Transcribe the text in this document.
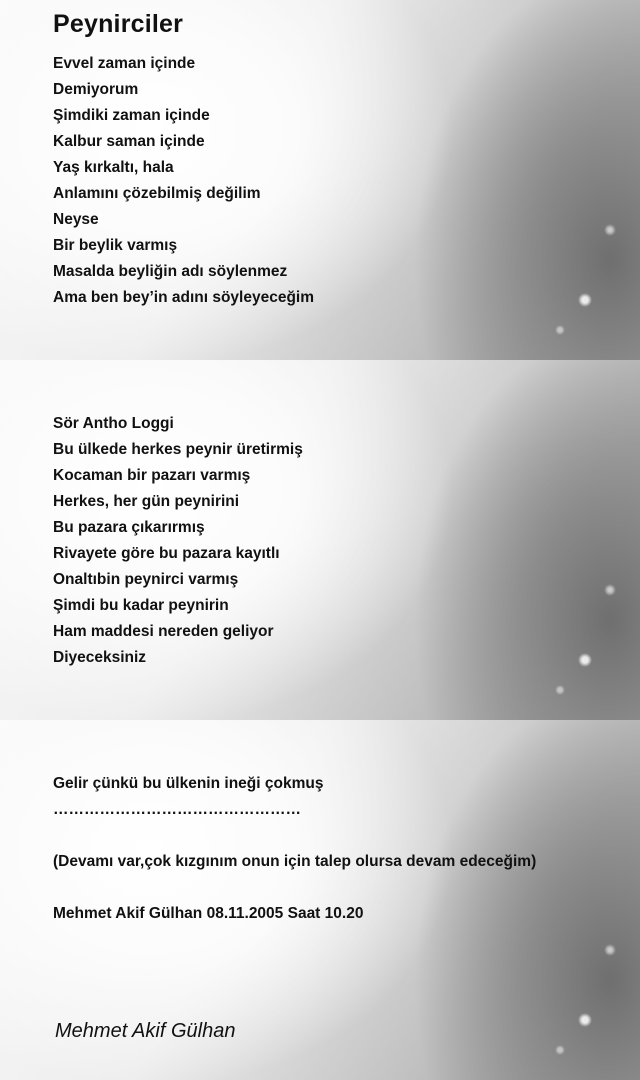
Peynirciler

Evvel zaman içinde

Demiyorum

Şimdiki zaman içinde

Kalbur saman içinde

Yaş kırkaltı, hala

Anlamını çözebilmiş değilim

Neyse

Bir beylik varmış

Masalda beyliğin adı söylenmez

Ama ben bey’in adını söyleyeceğim

Sör Antho Loggi

Bu ülkede herkes peynir üretirmiş

Kocaman bir pazarı varmış

Herkes, her gün peynirini

Bu pazara çıkarırmış

Rivayete göre bu pazara kayıtlı

Onaltıbin peynirci varmış

Şimdi bu kadar peynirin

Ham maddesi nereden geliyor

Diyeceksiniz

Gelir çünkü bu ülkenin ineği çokmuş

…………………………………………

(Devamı var,çok kızgınım onun için talep olursa devam edeceğim)

Mehmet Akif Gülhan 08.11.2005 Saat 10.20

Mehmet Akif Gülhan
